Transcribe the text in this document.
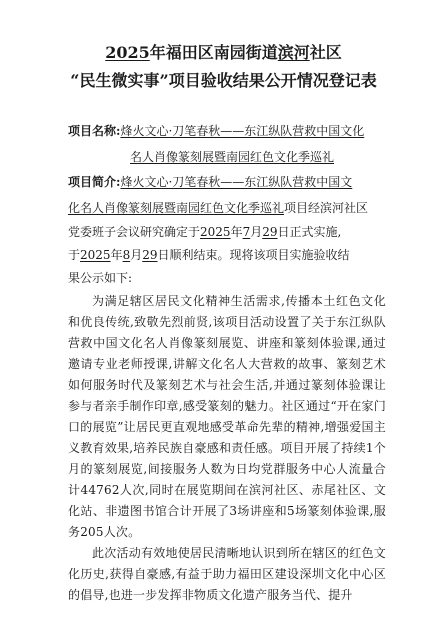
2025年福田区南园街道滨河社区
“民生微实事”项目验收结果公开情况登记表
项目名称:烽火文心·刀笔春秋——东江纵队营救中国文化
名人肖像篆刻展暨南园红色文化季巡礼
项目简介:烽火文心·刀笔春秋——东江纵队营救中国文
化名人肖像篆刻展暨南园红色文化季巡礼项目经滨河社区
党委班子会议研究确定于2025年7月29日正式实施,
于2025年8月29日顺利结束。现将该项目实施验收结
果公示如下:

为满足辖区居民文化精神生活需求,传播本土红色文化和优良传统,致敬先烈前贤,该项目活动设置了关于东江纵队营救中国文化名人肖像篆刻展览、讲座和篆刻体验课,通过邀请专业老师授课,讲解文化名人大营救的故事、篆刻艺术如何服务时代及篆刻艺术与社会生活,并通过篆刻体验课让参与者亲手制作印章,感受篆刻的魅力。社区通过“开在家门口的展览”让居民更直观地感受革命先辈的精神,增强爱国主义教育效果,培养民族自豪感和责任感。项目开展了持续1个月的篆刻展览,间接服务人数为日均党群服务中心人流量合计44762人次,同时在展览期间在滨河社区、赤尾社区、文化站、非遗图书馆合计开展了3场讲座和5场篆刻体验课,服务205人次。

此次活动有效地使居民清晰地认识到所在辖区的红色文化历史,获得自豪感,有益于助力福田区建设深圳文化中心区的倡导,也进一步发挥非物质文化遗产服务当代、提升
